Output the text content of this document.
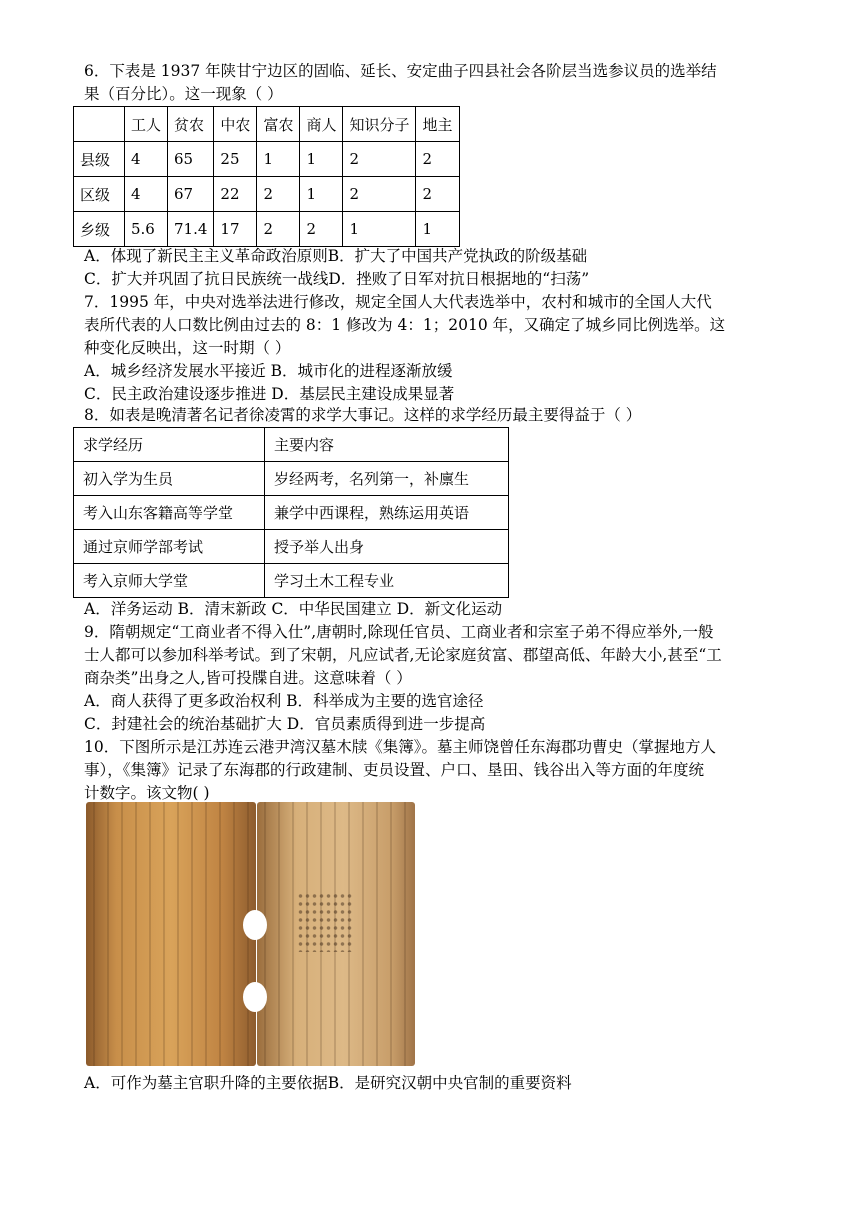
6．下表是 1937 年陕甘宁边区的固临、延长、安定曲子四县社会各阶层当选参议员的选举结
果（百分比）。这一现象（ ）
	工人	贫农	中农	富农	商人	知识分子	地主
县级	4	65	25	1	1	2	2
区级	4	67	22	2	1	2	2
乡级	5.6	71.4	17	2	2	1	1
A．体现了新民主主义革命政治原则B．扩大了中国共产党执政的阶级基础
C．扩大并巩固了抗日民族统一战线D．挫败了日军对抗日根据地的“扫荡”
7．1995 年，中央对选举法进行修改，规定全国人大代表选举中，农村和城市的全国人大代
表所代表的人口数比例由过去的 8：1 修改为 4：1；2010 年，又确定了城乡同比例选举。这
种变化反映出，这一时期（ ）
A．城乡经济发展水平接近 B．城市化的进程逐渐放缓
C．民主政治建设逐步推进 D．基层民主建设成果显著
8．如表是晚清著名记者徐凌霄的求学大事记。这样的求学经历最主要得益于（ ）
求学经历	主要内容
初入学为生员	岁经两考，名列第一，补廪生
考入山东客籍高等学堂	兼学中西课程，熟练运用英语
通过京师学部考试	授予举人出身
考入京师大学堂	学习土木工程专业
A．洋务运动 B．清末新政 C．中华民国建立 D．新文化运动
9．隋朝规定“工商业者不得入仕”,唐朝时,除现任官员、工商业者和宗室子弟不得应举外,一般
士人都可以参加科举考试。到了宋朝，凡应试者,无论家庭贫富、郡望高低、年龄大小,甚至“工
商杂类”出身之人,皆可投牒自进。这意味着（ ）
A．商人获得了更多政治权利 B．科举成为主要的选官途径
C．封建社会的统治基础扩大 D．官员素质得到进一步提高
10．下图所示是江苏连云港尹湾汉墓木牍《集簿》。墓主师饶曾任东海郡功曹史（掌握地方人
事），《集簿》记录了东海郡的行政建制、吏员设置、户口、垦田、钱谷出入等方面的年度统
计数字。该文物( )
A．可作为墓主官职升降的主要依据B．是研究汉朝中央官制的重要资料
